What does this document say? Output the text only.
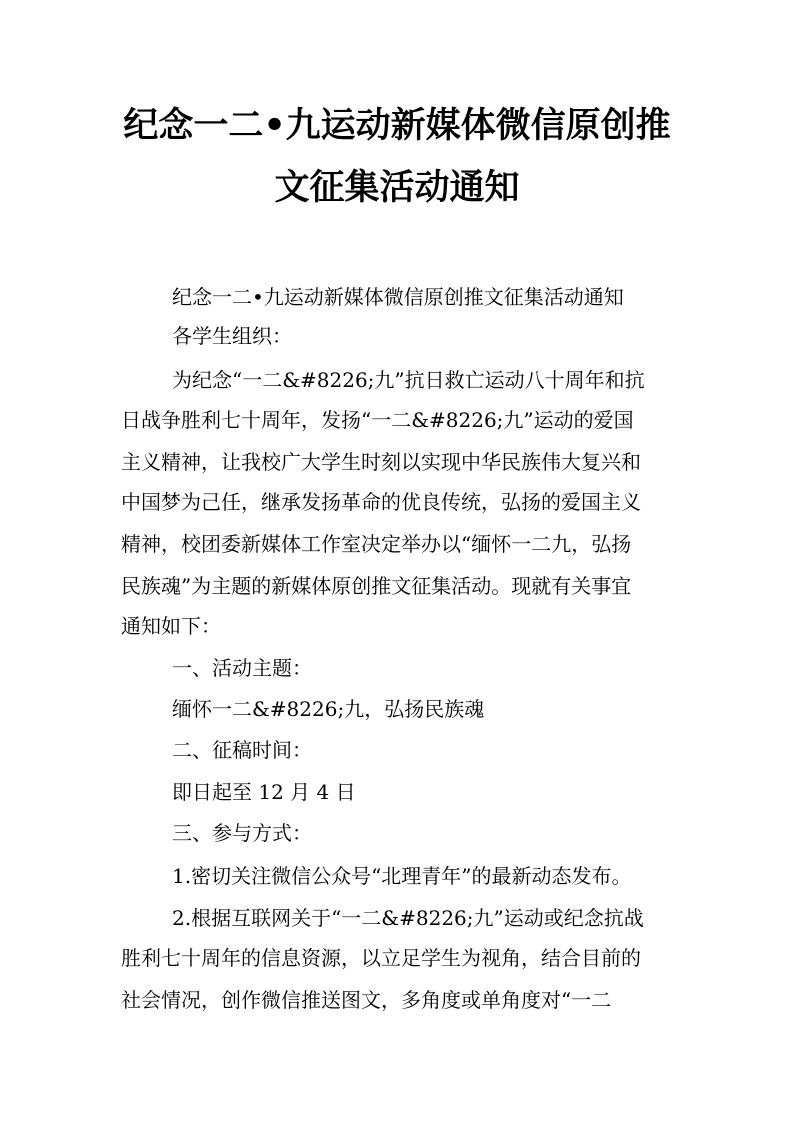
纪念一二•九运动新媒体微信原创推
文征集活动通知
纪念一二•九运动新媒体微信原创推文征集活动通知
各学生组织：
为纪念“一二&#8226;九”抗日救亡运动八十周年和抗
日战争胜利七十周年，发扬“一二&#8226;九”运动的爱国
主义精神，让我校广大学生时刻以实现中华民族伟大复兴和
中国梦为己任，继承发扬革命的优良传统，弘扬的爱国主义
精神，校团委新媒体工作室决定举办以“缅怀一二九，弘扬
民族魂”为主题的新媒体原创推文征集活动。现就有关事宜
通知如下：
一、活动主题：
缅怀一二&#8226;九，弘扬民族魂
二、征稿时间：
即日起至 12 月 4 日
三、参与方式：
1.密切关注微信公众号“北理青年”的最新动态发布。
2.根据互联网关于“一二&#8226;九”运动或纪念抗战
胜利七十周年的信息资源，以立足学生为视角，结合目前的
社会情况，创作微信推送图文，多角度或单角度对“一二
